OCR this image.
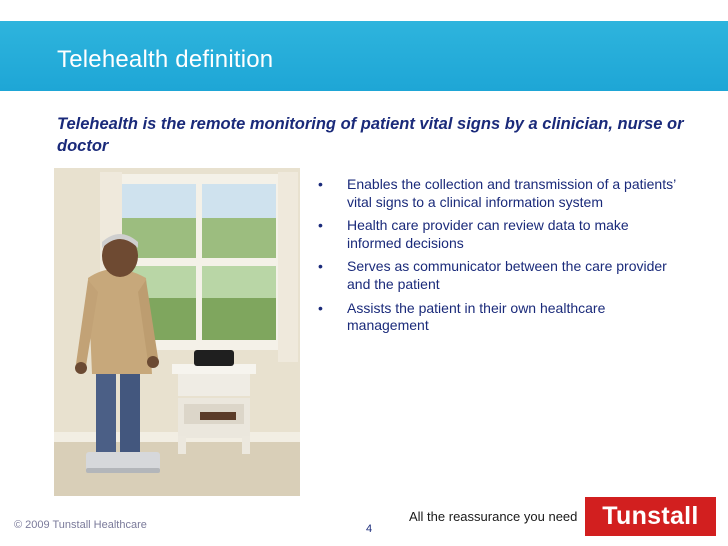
Telehealth definition
Telehealth is the remote monitoring of patient vital signs by a clinician, nurse or doctor
• Enables the collection and transmission of a patients’ vital signs to a clinical information system
• Health care provider can review data to make informed decisions
• Serves as communicator between the care provider and the patient
• Assists the patient in their own healthcare management
© 2009 Tunstall Healthcare	4
All the reassurance you need Tunstall
